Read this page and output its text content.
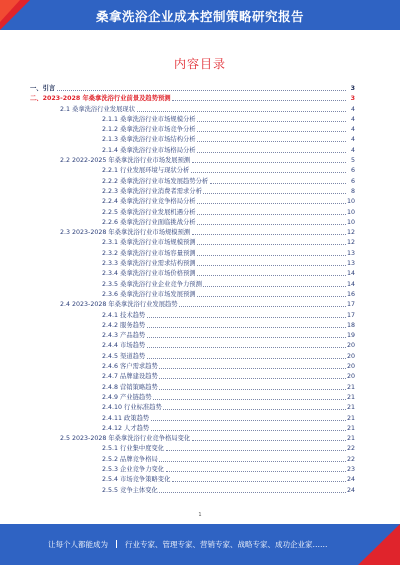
桑拿洗浴企业成本控制策略研究报告
内容目录
一、引言	3
二、2023-2028 年桑拿洗浴行业前景及趋势预测	3
2.1 桑拿洗浴行业发展现状	4
2.1.1 桑拿洗浴行业市场规模分析	4
2.1.2 桑拿洗浴行业市场竞争分析	4
2.1.3 桑拿洗浴行业市场结构分析	4
2.1.4 桑拿洗浴行业市场格局分析	4
2.2 2022-2025 年桑拿洗浴行业市场发展预测	5
2.2.1 行业发展环境与现状分析	6
2.2.2 桑拿洗浴行业市场发展趋势分析	6
2.2.3 桑拿洗浴行业消费者需求分析	8
2.2.4 桑拿洗浴行业竞争格局分析	10
2.2.5 桑拿洗浴行业发展机遇分析	10
2.2.6 桑拿洗浴行业面临挑战分析	10
2.3 2023-2028 年桑拿洗浴行业市场规模预测	12
2.3.1 桑拿洗浴行业市场规模预测	12
2.3.2 桑拿洗浴行业市场容量预测	13
2.3.3 桑拿洗浴行业需求结构预测	13
2.3.4 桑拿洗浴行业市场价格预测	14
2.3.5 桑拿洗浴行业企业竞争力预测	14
2.3.6 桑拿洗浴行业市场发展预测	16
2.4 2023-2028 年桑拿洗浴行业发展趋势	17
2.4.1 技术趋势	17
2.4.2 服务趋势	18
2.4.3 产品趋势	19
2.4.4 市场趋势	20
2.4.5 渠道趋势	20
2.4.6 客户需求趋势	20
2.4.7 品牌建设趋势	20
2.4.8 营销策略趋势	21
2.4.9 产业链趋势	21
2.4.10 行业标准趋势	21
2.4.11 政策趋势	21
2.4.12 人才趋势	21
2.5 2023-2028 年桑拿洗浴行业竞争格局变化	21
2.5.1 行业集中度变化	22
2.5.2 品牌竞争格局	22
2.5.3 企业竞争力变化	23
2.5.4 市场竞争策略变化	24
2.5.5 竞争主体变化	24
1
让每个人都能成为 行业专家、管理专家、营销专家、战略专家、成功企业家……
